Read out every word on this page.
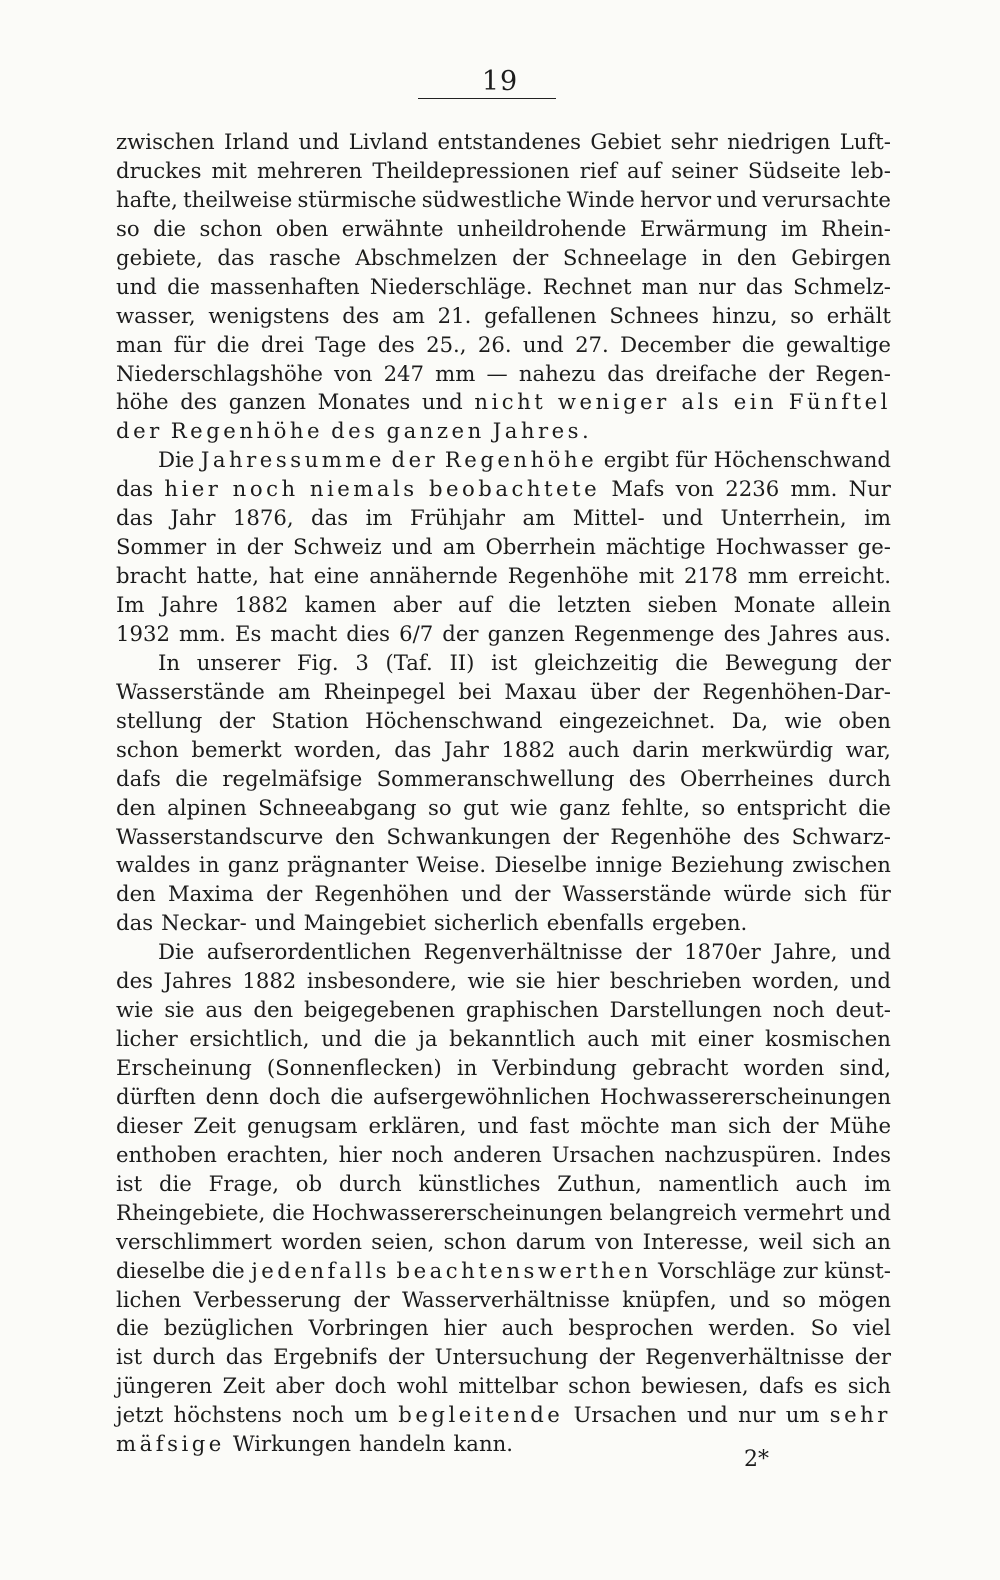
19
zwischen Irland und Livland entstandenes Gebiet sehr niedrigen Luft-
druckes mit mehreren Theildepressionen rief auf seiner Südseite leb-
hafte, theilweise stürmische südwestliche Winde hervor und verursachte
so die schon oben erwähnte unheildrohende Erwärmung im Rhein-
gebiete, das rasche Abschmelzen der Schneelage in den Gebirgen
und die massenhaften Niederschläge. Rechnet man nur das Schmelz-
wasser, wenigstens des am 21. gefallenen Schnees hinzu, so erhält
man für die drei Tage des 25., 26. und 27. December die gewaltige
Niederschlagshöhe von 247 mm — nahezu das dreifache der Regen-
höhe des ganzen Monates und nicht weniger als ein Fünftel
der Regenhöhe des ganzen Jahres.
Die Jahressumme der Regenhöhe ergibt für Höchenschwand
das hier noch niemals beobachtete Mafs von 2236 mm. Nur
das Jahr 1876, das im Frühjahr am Mittel- und Unterrhein, im
Sommer in der Schweiz und am Oberrhein mächtige Hochwasser ge-
bracht hatte, hat eine annähernde Regenhöhe mit 2178 mm erreicht.
Im Jahre 1882 kamen aber auf die letzten sieben Monate allein
1932 mm. Es macht dies 6/7 der ganzen Regenmenge des Jahres aus.
In unserer Fig. 3 (Taf. II) ist gleichzeitig die Bewegung der
Wasserstände am Rheinpegel bei Maxau über der Regenhöhen-Dar-
stellung der Station Höchenschwand eingezeichnet. Da, wie oben
schon bemerkt worden, das Jahr 1882 auch darin merkwürdig war,
dafs die regelmäfsige Sommeranschwellung des Oberrheines durch
den alpinen Schneeabgang so gut wie ganz fehlte, so entspricht die
Wasserstandscurve den Schwankungen der Regenhöhe des Schwarz-
waldes in ganz prägnanter Weise. Dieselbe innige Beziehung zwischen
den Maxima der Regenhöhen und der Wasserstände würde sich für
das Neckar- und Maingebiet sicherlich ebenfalls ergeben.
Die aufserordentlichen Regenverhältnisse der 1870er Jahre, und
des Jahres 1882 insbesondere, wie sie hier beschrieben worden, und
wie sie aus den beigegebenen graphischen Darstellungen noch deut-
licher ersichtlich, und die ja bekanntlich auch mit einer kosmischen
Erscheinung (Sonnenflecken) in Verbindung gebracht worden sind,
dürften denn doch die aufsergewöhnlichen Hochwassererscheinungen
dieser Zeit genugsam erklären, und fast möchte man sich der Mühe
enthoben erachten, hier noch anderen Ursachen nachzuspüren. Indes
ist die Frage, ob durch künstliches Zuthun, namentlich auch im
Rheingebiete, die Hochwassererscheinungen belangreich vermehrt und
verschlimmert worden seien, schon darum von Interesse, weil sich an
dieselbe die jedenfalls beachtenswerthen Vorschläge zur künst-
lichen Verbesserung der Wasserverhältnisse knüpfen, und so mögen
die bezüglichen Vorbringen hier auch besprochen werden. So viel
ist durch das Ergebnifs der Untersuchung der Regenverhältnisse der
jüngeren Zeit aber doch wohl mittelbar schon bewiesen, dafs es sich
jetzt höchstens noch um begleitende Ursachen und nur um sehr
mäfsige Wirkungen handeln kann.
2*
